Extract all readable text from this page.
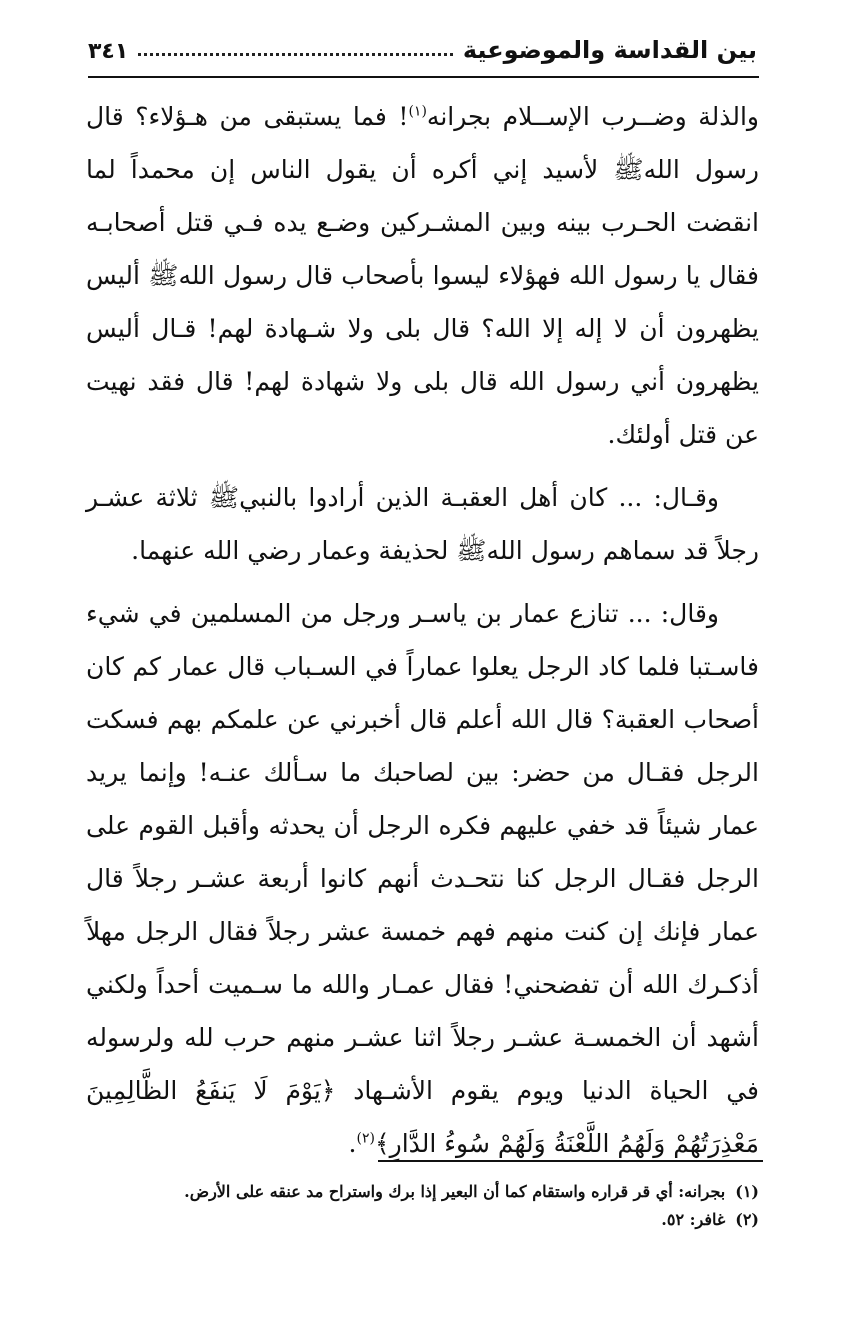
بين القداسة والموضوعية
٣٤١

والذلة وضــرب الإســلام بجرانه$^{(١)}$! فما يستبقى من هـؤلاء؟ قال رسول اللهﷺ لأسيد إني أكره أن يقول الناس إن محمداً لما انقضت الحـرب بينه وبين المشـركين وضـع يده فـي قتل أصحابـه فقال يا رسول الله فهؤلاء ليسوا بأصحاب قال رسول اللهﷺ أليس يظهرون أن لا إله إلا الله؟ قال بلى ولا شـهادة لهم! قـال أليس يظهرون أني رسول الله قال بلى ولا شهادة لهم! قال فقد نهيت عن قتل أولئك.

وقـال: ... كان أهل العقبـة الذين أرادوا بالنبيﷺ ثلاثة عشـر رجلاً قد سماهم رسول اللهﷺ لحذيفة وعمار رضي الله عنهما.

وقال: ... تنازع عمار بن ياسـر ورجل من المسلمين في شيء فاسـتبا فلما كاد الرجل يعلوا عماراً في السـباب قال عمار كم كان أصحاب العقبة؟ قال الله أعلم قال أخبرني عن علمكم بهم فسكت الرجل فقـال من حضر: بين لصاحبك ما سـألك عنـه! وإنما يريد عمار شيئاً قد خفي عليهم فكره الرجل أن يحدثه وأقبل القوم على الرجل فقـال الرجل كنا نتحـدث أنهم كانوا أربعة عشـر رجلاً قال عمار فإنك إن كنت منهم فهم خمسة عشر رجلاً فقال الرجل مهلاً أذكـرك الله أن تفضحني! فقال عمـار والله ما سـميت أحداً ولكني أشهد أن الخمسـة عشـر رجلاً اثنا عشـر منهم حرب لله ولرسوله في الحياة الدنيا ويوم يقوم الأشـهاد ﴿يَوْمَ لَا يَنفَعُ الظَّالِمِينَ مَعْذِرَتُهُمْ وَلَهُمُ اللَّعْنَةُ وَلَهُمْ سُوءُ الدَّارِ﴾$^{(٢)}$.

(١)بجرانه: أي قر قراره واستقام كما أن البعير إذا برك واستراح مد عنقه على الأرض.
(٢)غافر: ٥٢.
